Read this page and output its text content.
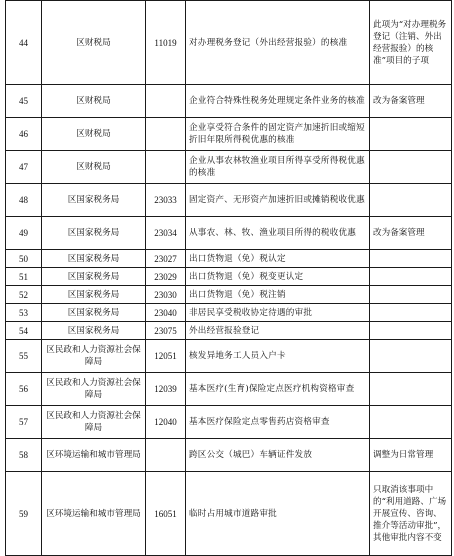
44	区财税局	11019	对办理税务登记（外出经营报验）的核准	此项为“对办理税务登记（注销、外出经营报验）的核准”项目的子项
45	区财税局		企业符合特殊性税务处理规定条件业务的核准	改为备案管理
46	区财税局		企业享受符合条件的固定资产加速折旧或缩短折旧年限所得税优惠的核准	
47	区财税局		企业从事农林牧渔业项目所得享受所得税优惠的核准	
48	区国家税务局	23033	固定资产、无形资产加速折旧或摊销税收优惠	
49	区国家税务局	23034	从事农、林、牧、渔业项目所得的税收优惠	改为备案管理
50	区国家税务局	23027	出口货物退（免）税认定	
51	区国家税务局	23029	出口货物退（免）税变更认定	
52	区国家税务局	23030	出口货物退（免）税注销	
53	区国家税务局	23040	非居民享受税收协定待遇的审批	
54	区国家税务局	23075	外出经营报验登记	
55	区民政和人力资源社会保障局	12051	核发异地务工人员入户卡	
56	区民政和人力资源社会保障局	12039	基本医疗(生育)保险定点医疗机构资格审查	
57	区民政和人力资源社会保障局	12040	基本医疗保险定点零售药店资格审查	
58	区环境运输和城市管理局		跨区公交（城巴）车辆证件发放	调整为日常管理
59	区环境运输和城市管理局	16051	临时占用城市道路审批	只取消该事项中的“利用道路、广场开展宣传、咨询、推介等活动审批”，其他审批内容不变
